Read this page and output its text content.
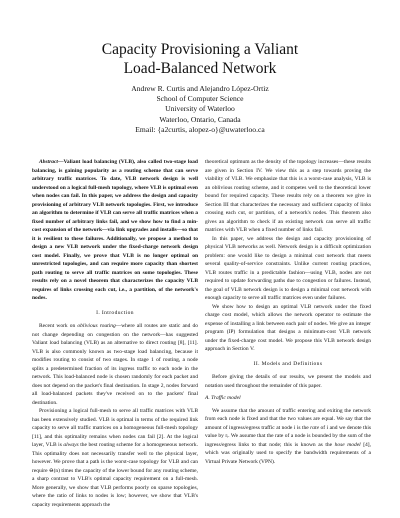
Capacity Provisioning a Valiant
Load-Balanced Network
Andrew R. Curtis and Alejandro López-Ortiz
School of Computer Science
University of Waterloo
Waterloo, Ontario, Canada
Email: {a2curtis, alopez-o}@uwaterloo.ca

Abstract—Valiant load balancing (VLB), also called two-stage load balancing, is gaining popularity as a routing scheme that can serve arbitrary traffic matrices. To date, VLB network design is well understood on a logical full-mesh topology, where VLB is optimal even when nodes can fail. In this paper, we address the design and capacity provisioning of arbitrary VLB network topologies. First, we introduce an algorithm to determine if VLB can serve all traffic matrices when a fixed number of arbitrary links fail, and we show how to find a min-cost expansion of the network—via link upgrades and installs—so that it is resilient to these failures. Additionally, we propose a method to design a new VLB network under the fixed-charge network design cost model. Finally, we prove that VLB is no longer optimal on unrestricted topologies, and can require more capacity than shortest path routing to serve all traffic matrices on some topologies. These results rely on a novel theorem that characterizes the capacity VLB requires of links crossing each cut, i.e., a partition, of the network's nodes.

I. Introduction

Recent work on oblivious routing—where all routes are static and do not change depending on congestion on the network—has suggested Valiant load balancing (VLB) as an alternative to direct routing [8], [11]. VLB is also commonly known as two-stage load balancing, because it modifies routing to consist of two stages. In stage 1 of routing, a node splits a predetermined fraction of its ingress traffic to each node in the network. This load-balanced node is chosen randomly for each packet and does not depend on the packet's final destination. In stage 2, nodes forward all load-balanced packets they've received on to the packets' final destination.

Provisioning a logical full-mesh to serve all traffic matrices with VLB has been extensively studied. VLB is optimal in terms of the required link capacity to serve all traffic matrices on a homogeneous full-mesh topology [11], and this optimality remains when nodes can fail [2]. At the logical layer, VLB is always the best routing scheme for a homogeneous network. This optimality does not necessarily transfer well to the physical layer, however. We prove that a path is the worst-case topology for VLB and can require ⊖(n) times the capacity of the lower bound for any routing scheme, a sharp contrast to VLB's optimal capacity requirement on a full-mesh. More generally, we show that VLB performs poorly on sparse topologies, where the ratio of links to nodes is low; however, we show that VLB's capacity requirements approach the

theoretical optimum as the density of the topology increases—these results are given in Section IV. We view this as a step towards proving the viability of VLB. We emphasize that this is a worst-case analysis, VLB is an oblivious routing scheme, and it competes well to the theoretical lower bound for required capacity. These results rely on a theorem we give in Section III that characterizes the necessary and sufficient capacity of links crossing each cut, or partition, of a network's nodes. This theorem also gives an algorithm to check if an existing network can serve all traffic matrices with VLB when a fixed number of links fail.

In this paper, we address the design and capacity provisioning of physical VLB networks as well. Network design is a difficult optimization problem: one would like to design a minimal cost network that meets several quality-of-service constraints. Unlike current routing practices, VLB routes traffic in a predictable fashion—using VLB, nodes are not required to update forwarding paths due to congestion or failures. Instead, the goal of VLB network design is to design a minimal cost network with enough capacity to serve all traffic matrices even under failures.

We show how to design an optimal VLB network under the fixed charge cost model, which allows the network operator to estimate the expense of installing a link between each pair of nodes. We give an integer program (IP) formulation that designs a minimum-cost VLB network under the fixed-charge cost model. We propose this VLB network design approach in Section V.

II. Models and Definitions

Before giving the details of our results, we present the models and notation used throughout the remainder of this paper.

A. Traffic model

We assume that the amount of traffic entering and exiting the network from each node is fixed and that the two values are equal. We say that the amount of ingress/egress traffic at node i is the rate of i and we denote this value by rᵢ. We assume that the rate of a node is bounded by the sum of the ingress/egress links to that node; this is known as the hose model [4], which was originally used to specify the bandwidth requirements of a Virtual Private Network (VPN).
